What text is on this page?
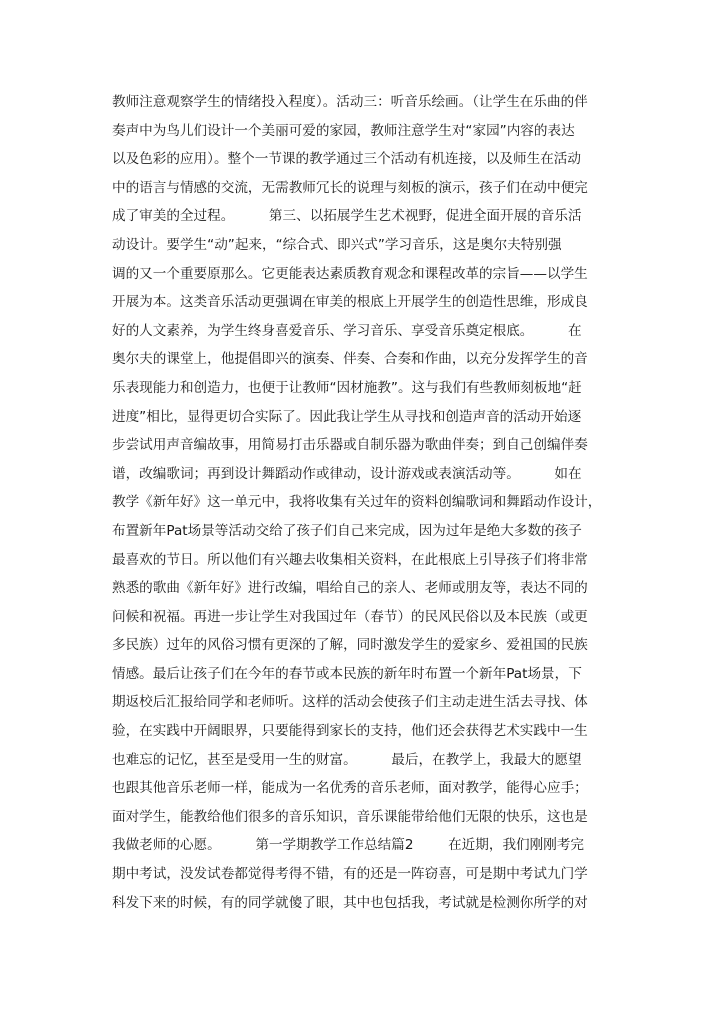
教师注意观察学生的情绪投入程度）。活动三：听音乐绘画。（让学生在乐曲的伴
奏声中为鸟儿们设计一个美丽可爱的家园，教师注意学生对“家园”内容的表达
以及色彩的应用）。整个一节课的教学通过三个活动有机连接，以及师生在活动
中的语言与情感的交流，无需教师冗长的说理与刻板的演示，孩子们在动中便完
成了审美的全过程。        第三、以拓展学生艺术视野，促进全面开展的音乐活
动设计。要学生“动”起来，“综合式、即兴式”学习音乐，这是奥尔夫特别强
调的又一个重要原那么。它更能表达素质教育观念和课程改革的宗旨——以学生
开展为本。这类音乐活动更强调在审美的根底上开展学生的创造性思维，形成良
好的人文素养，为学生终身喜爱音乐、学习音乐、享受音乐奠定根底。        在
奥尔夫的课堂上，他提倡即兴的演奏、伴奏、合奏和作曲，以充分发挥学生的音
乐表现能力和创造力，也便于让教师“因材施教”。这与我们有些教师刻板地“赶
进度”相比，显得更切合实际了。因此我让学生从寻找和创造声音的活动开始逐
步尝试用声音编故事，用简易打击乐器或自制乐器为歌曲伴奏；到自己创编伴奏
谱，改编歌词；再到设计舞蹈动作或律动，设计游戏或表演活动等。        如在
教学《新年好》这一单元中，我将收集有关过年的资料创编歌词和舞蹈动作设计，
布置新年Pat场景等活动交给了孩子们自己来完成，因为过年是绝大多数的孩子
最喜欢的节日。所以他们有兴趣去收集相关资料，在此根底上引导孩子们将非常
熟悉的歌曲《新年好》进行改编，唱给自己的亲人、老师或朋友等，表达不同的
问候和祝福。再进一步让学生对我国过年（春节）的民风民俗以及本民族（或更
多民族）过年的风俗习惯有更深的了解，同时激发学生的爱家乡、爱祖国的民族
情感。最后让孩子们在今年的春节或本民族的新年时布置一个新年Pat场景，下
期返校后汇报给同学和老师听。这样的活动会使孩子们主动走进生活去寻找、体
验，在实践中开阔眼界，只要能得到家长的支持，他们还会获得艺术实践中一生
也难忘的记忆，甚至是受用一生的财富。        最后，在教学上，我最大的愿望
也跟其他音乐老师一样，能成为一名优秀的音乐老师，面对教学，能得心应手；
面对学生，能教给他们很多的音乐知识，音乐课能带给他们无限的快乐，这也是
我做老师的心愿。        第一学期教学工作总结篇2        在近期，我们刚刚考完
期中考试，没发试卷都觉得考得不错，有的还是一阵窃喜，可是期中考试九门学
科发下来的时候，有的同学就傻了眼，其中也包括我，考试就是检测你所学的对
